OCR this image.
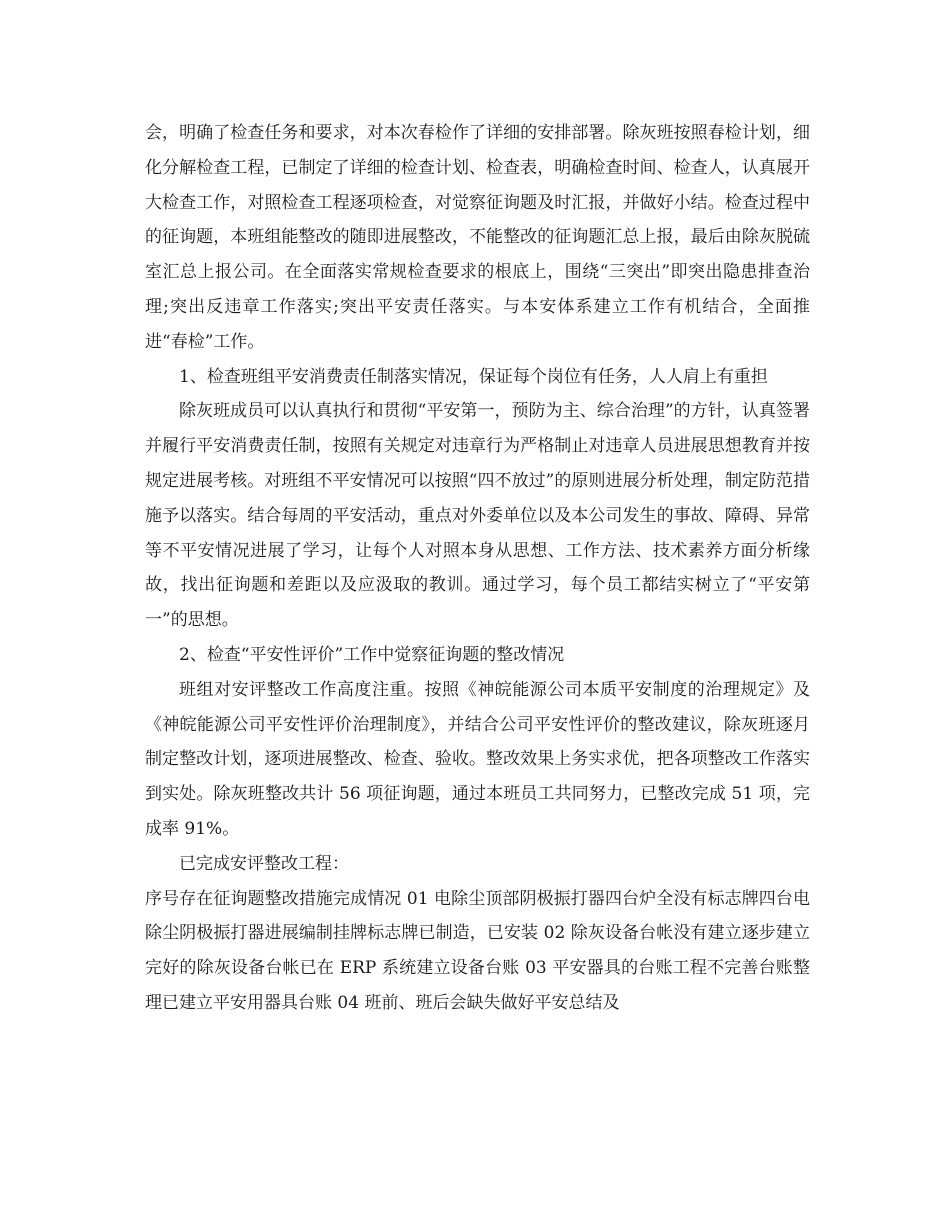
会，明确了检查任务和要求，对本次春检作了详细的安排部署。除灰班按照春检计划，细化分解检查工程，已制定了详细的检查计划、检查表，明确检查时间、检查人，认真展开大检查工作，对照检查工程逐项检查，对觉察征询题及时汇报，并做好小结。检查过程中的征询题，本班组能整改的随即进展整改，不能整改的征询题汇总上报，最后由除灰脱硫室汇总上报公司。在全面落实常规检查要求的根底上，围绕“三突出”即突出隐患排查治理;突出反违章工作落实;突出平安责任落实。与本安体系建立工作有机结合，全面推进“春检”工作。

1、检查班组平安消费责任制落实情况，保证每个岗位有任务，人人肩上有重担

除灰班成员可以认真执行和贯彻“平安第一，预防为主、综合治理”的方针，认真签署并履行平安消费责任制，按照有关规定对违章行为严格制止对违章人员进展思想教育并按规定进展考核。对班组不平安情况可以按照“四不放过”的原则进展分析处理，制定防范措施予以落实。结合每周的平安活动，重点对外委单位以及本公司发生的事故、障碍、异常等不平安情况进展了学习，让每个人对照本身从思想、工作方法、技术素养方面分析缘故，找出征询题和差距以及应汲取的教训。通过学习，每个员工都结实树立了“平安第一”的思想。

2、检查“平安性评价”工作中觉察征询题的整改情况

班组对安评整改工作高度注重。按照《神皖能源公司本质平安制度的治理规定》及《神皖能源公司平安性评价治理制度》，并结合公司平安性评价的整改建议，除灰班逐月制定整改计划，逐项进展整改、检查、验收。整改效果上务实求优，把各项整改工作落实到实处。除灰班整改共计 56 项征询题，通过本班员工共同努力，已整改完成 51 项，完成率 91%。

已完成安评整改工程：

序号存在征询题整改措施完成情况 01 电除尘顶部阴极振打器四台炉全没有标志牌四台电除尘阴极振打器进展编制挂牌标志牌已制造，已安装 02 除灰设备台帐没有建立逐步建立完好的除灰设备台帐已在 ERP 系统建立设备台账 03 平安器具的台账工程不完善台账整理已建立平安用器具台账 04 班前、班后会缺失做好平安总结及
